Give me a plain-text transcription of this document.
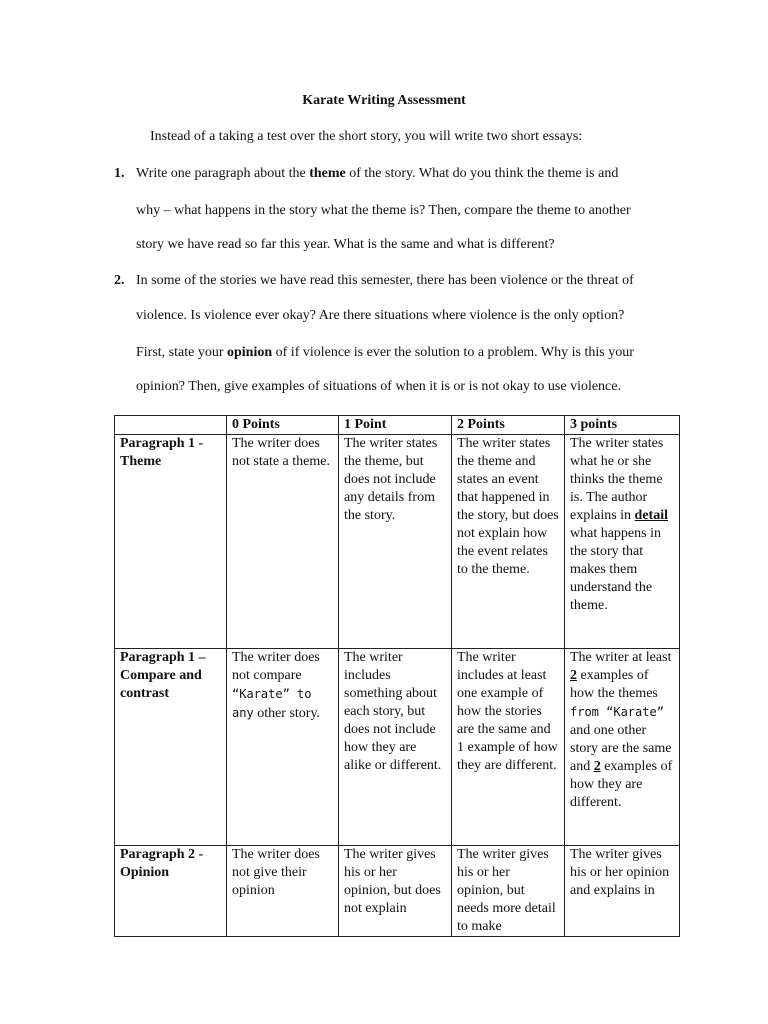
Karate Writing Assessment
Instead of a taking a test over the short story, you will write two short essays:
1. Write one paragraph about the theme of the story. What do you think the theme is and
why – what happens in the story what the theme is? Then, compare the theme to another
story we have read so far this year. What is the same and what is different?
2. In some of the stories we have read this semester, there has been violence or the threat of
violence. Is violence ever okay? Are there situations where violence is the only option?
First, state your opinion of if violence is ever the solution to a problem. Why is this your
opinion? Then, give examples of situations of when it is or is not okay to use violence.
	0 Points	1 Point	2 Points	3 points
Paragraph 1 - Theme	The writer does not state a theme.	The writer states the theme, but does not include any details from the story.	The writer states the theme and states an event that happened in the story, but does not explain how the event relates to the theme.	The writer states what he or she thinks the theme is. The author explains in detail what happens in the story that makes them understand the theme.
Paragraph 1 – Compare and contrast	The writer does not compare “Karate” to any other story.	The writer includes something about each story, but does not include how they are alike or different.	The writer includes at least one example of how the stories are the same and 1 example of how they are different.	The writer at least 2 examples of how the themes from “Karate” and one other story are the same and 2 examples of how they are different.
Paragraph 2 - Opinion	The writer does not give their opinion	The writer gives his or her opinion, but does not explain	The writer gives his or her opinion, but needs more detail to make	The writer gives his or her opinion and explains in
